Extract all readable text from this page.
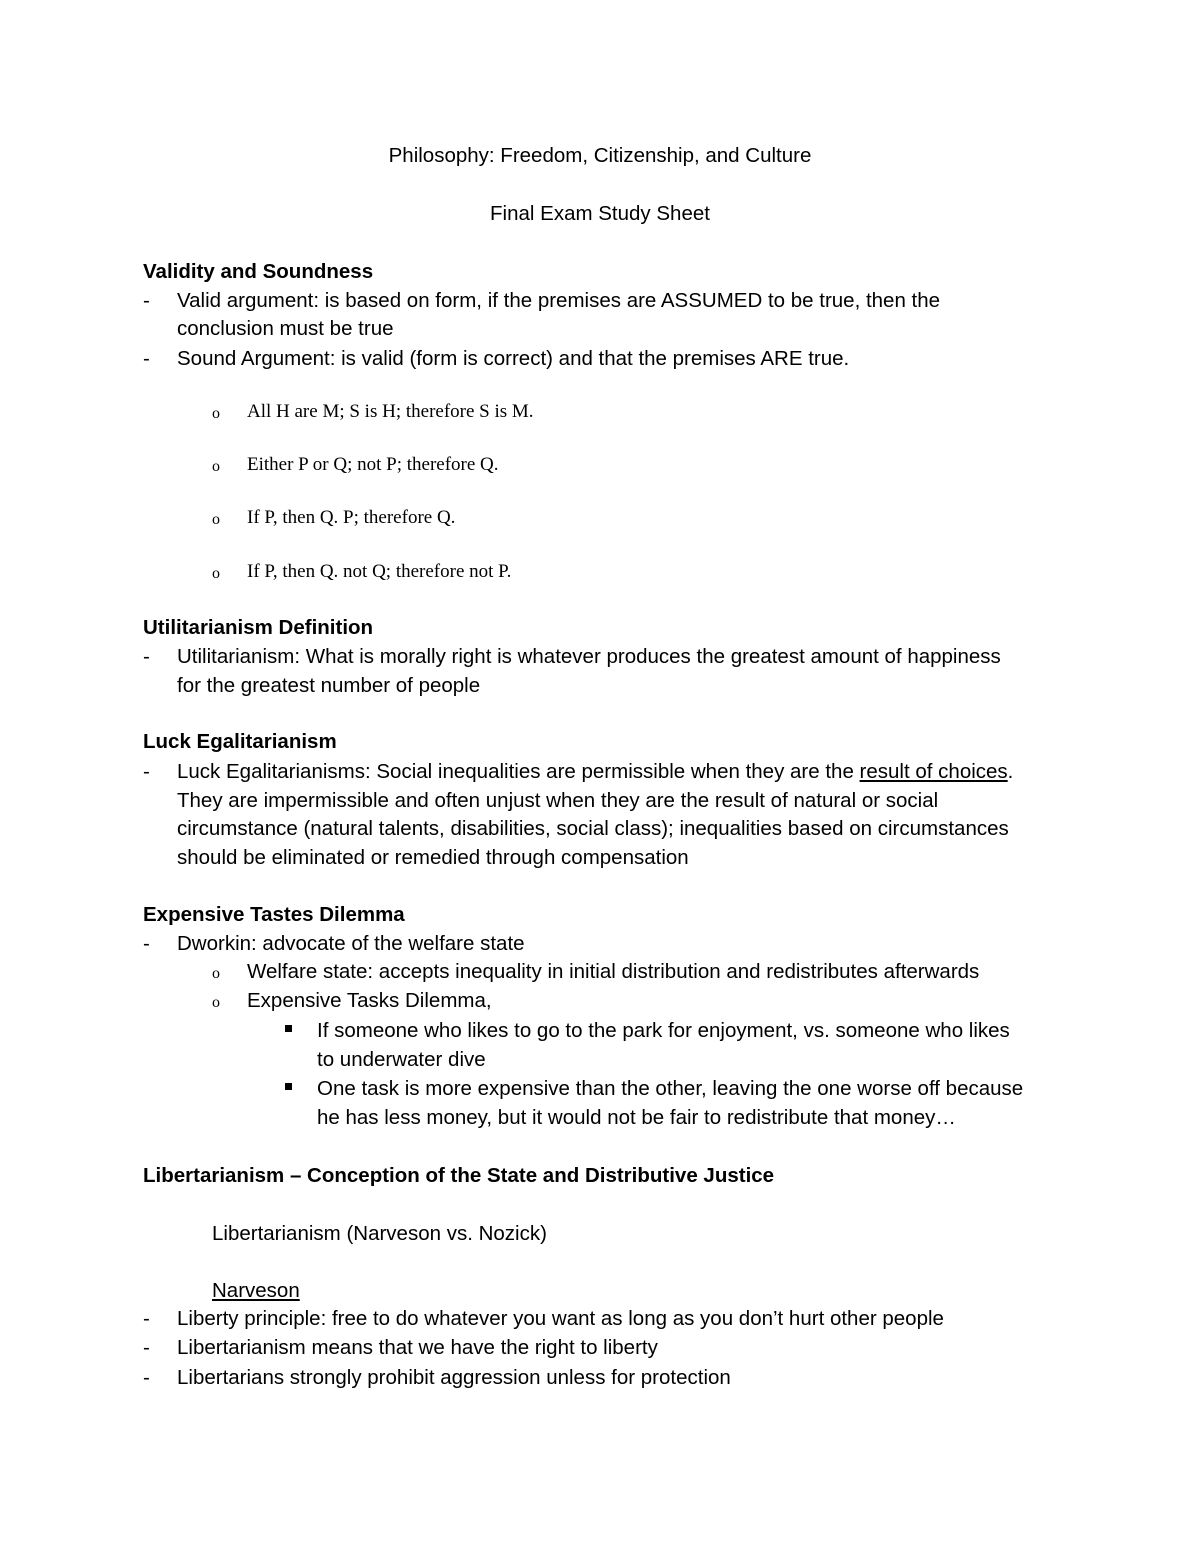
Philosophy: Freedom, Citizenship, and Culture
Final Exam Study Sheet
Validity and Soundness
- Valid argument: is based on form, if the premises are ASSUMED to be true, then the
conclusion must be true
- Sound Argument: is valid (form is correct) and that the premises ARE true.
o All H are M; S is H; therefore S is M.
o Either P or Q; not P; therefore Q.
o If P, then Q. P; therefore Q.
o If P, then Q. not Q; therefore not P.
Utilitarianism Definition
- Utilitarianism: What is morally right is whatever produces the greatest amount of happiness
for the greatest number of people
Luck Egalitarianism
- Luck Egalitarianisms: Social inequalities are permissible when they are the result of choices.
They are impermissible and often unjust when they are the result of natural or social
circumstance (natural talents, disabilities, social class); inequalities based on circumstances
should be eliminated or remedied through compensation
Expensive Tastes Dilemma
- Dworkin: advocate of the welfare state
o Welfare state: accepts inequality in initial distribution and redistributes afterwards
o Expensive Tasks Dilemma,
If someone who likes to go to the park for enjoyment, vs. someone who likes
to underwater dive
One task is more expensive than the other, leaving the one worse off because
he has less money, but it would not be fair to redistribute that money…
Libertarianism – Conception of the State and Distributive Justice
Libertarianism (Narveson vs. Nozick)
Narveson
- Liberty principle: free to do whatever you want as long as you don’t hurt other people
- Libertarianism means that we have the right to liberty
- Libertarians strongly prohibit aggression unless for protection
